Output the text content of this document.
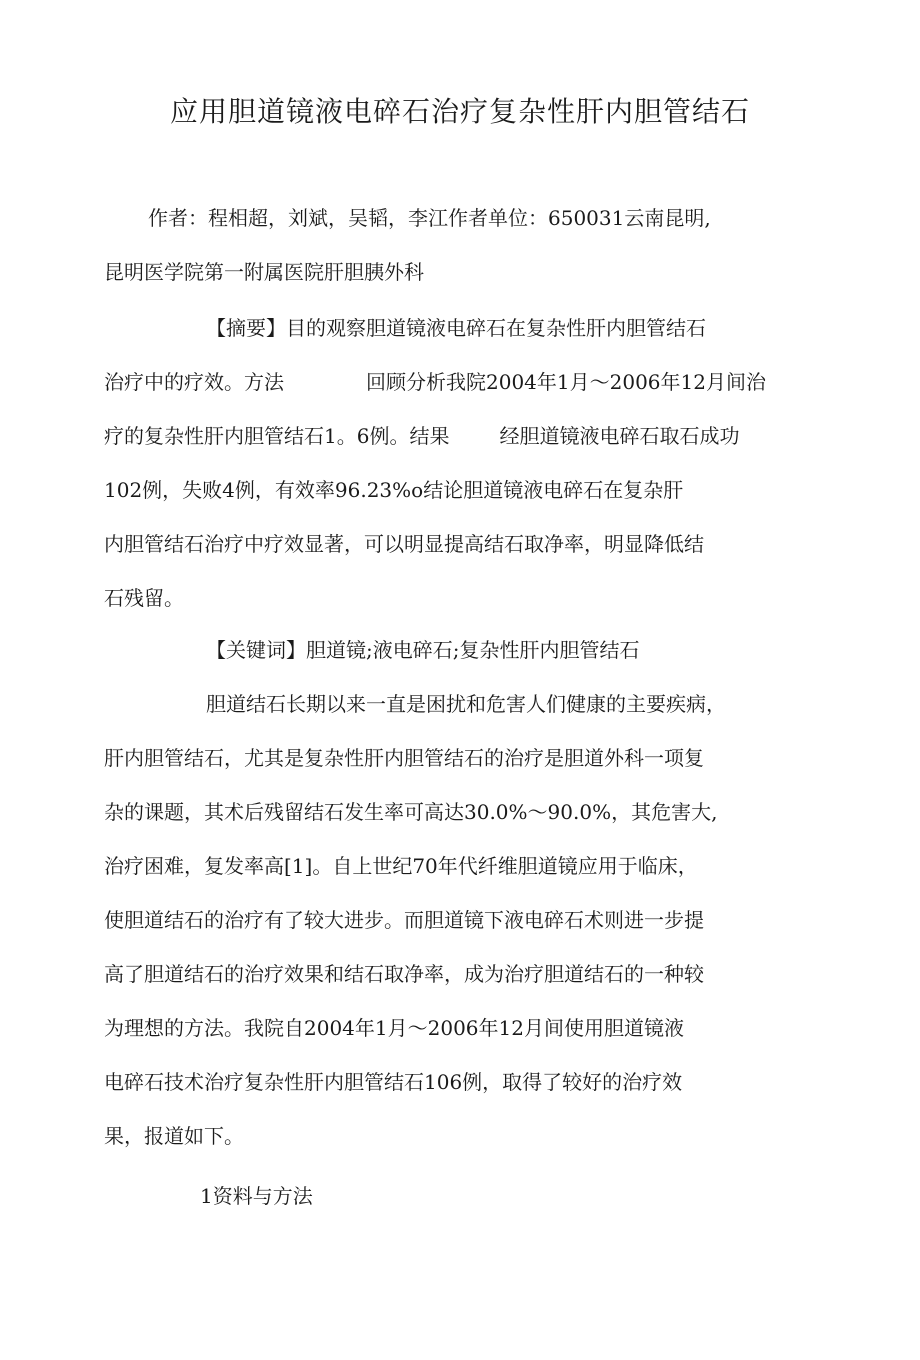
应用胆道镜液电碎石治疗复杂性肝内胆管结石
作者：程相超，刘斌，吴韬，李江作者单位：650031云南昆明,
昆明医学院第一附属医院肝胆胰外科
【摘要】目的观察胆道镜液电碎石在复杂性肝内胆管结石
治疗中的疗效。方法	回顾分析我院2004年1月～2006年12月间治
疗的复杂性肝内胆管结石1。6例。结果	经胆道镜液电碎石取石成功
102例，失败4例，有效率96.23%o结论胆道镜液电碎石在复杂肝
内胆管结石治疗中疗效显著，可以明显提高结石取净率，明显降低结
石残留。
【关键词】胆道镜;液电碎石;复杂性肝内胆管结石
胆道结石长期以来一直是困扰和危害人们健康的主要疾病，
肝内胆管结石，尤其是复杂性肝内胆管结石的治疗是胆道外科一项复
杂的课题，其术后残留结石发生率可高达30.0%～90.0%，其危害大,
治疗困难，复发率高[1]。自上世纪70年代纤维胆道镜应用于临床，
使胆道结石的治疗有了较大进步。而胆道镜下液电碎石术则进一步提
高了胆道结石的治疗效果和结石取净率，成为治疗胆道结石的一种较
为理想的方法。我院自2004年1月～2006年12月间使用胆道镜液
电碎石技术治疗复杂性肝内胆管结石106例，取得了较好的治疗效
果，报道如下。
1资料与方法
